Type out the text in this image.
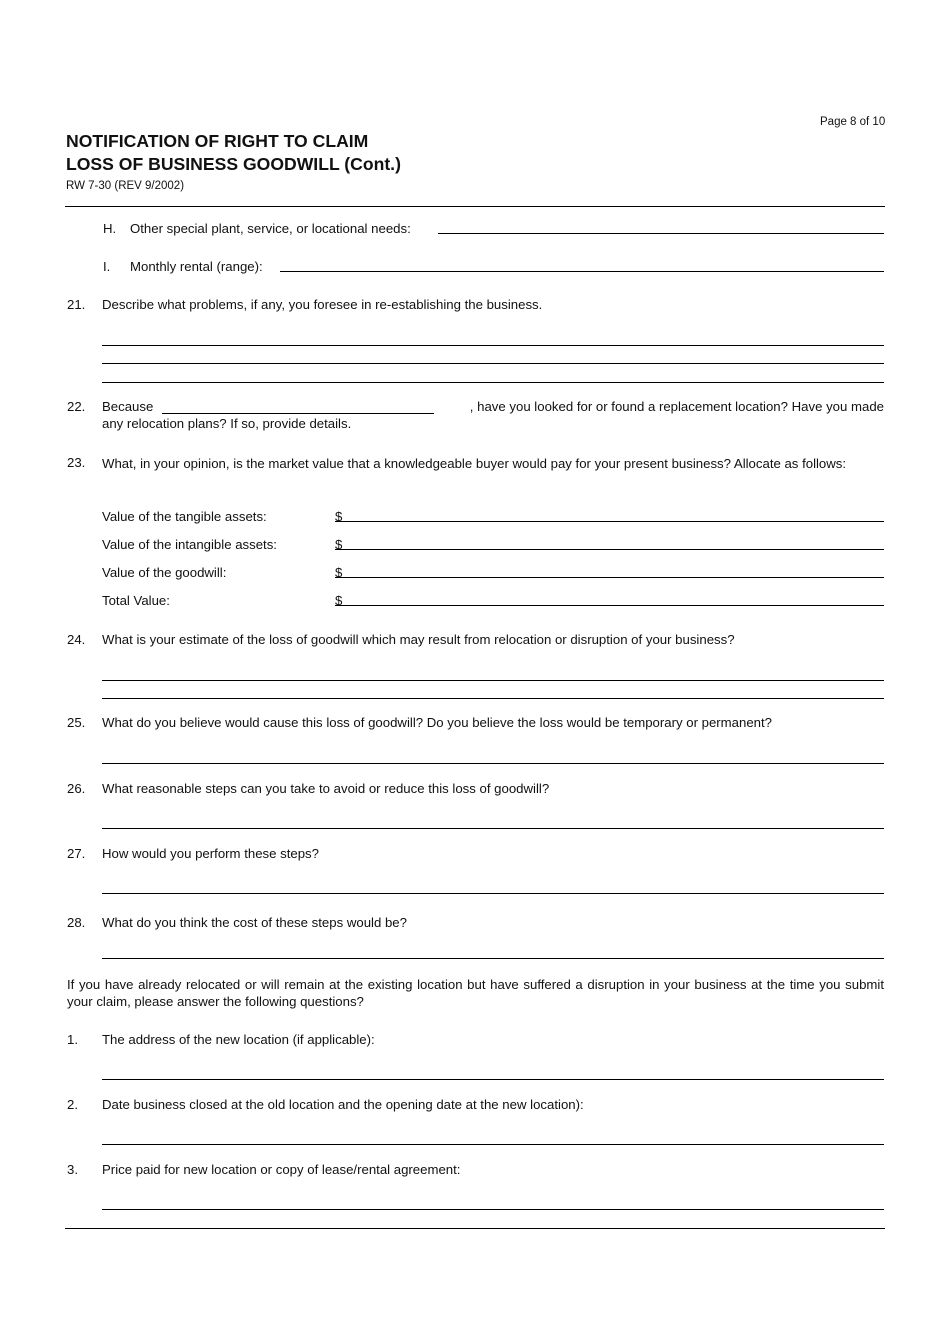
Page 8 of 10
NOTIFICATION OF RIGHT TO CLAIM
LOSS OF BUSINESS GOODWILL (Cont.)
RW 7-30 (REV 9/2002)
H. Other special plant, service, or locational needs:
I. Monthly rental (range):
21. Describe what problems, if any, you foresee in re-establishing the business.
22. Because	, have you looked for or found a replacement location? Have you made
any relocation plans? If so, provide details.
23. What, in your opinion, is the market value that a knowledgeable buyer would pay for your present business? Allocate as follows:
Value of the tangible assets:	$
Value of the intangible assets:	$
Value of the goodwill:	$
Total Value:	$
24. What is your estimate of the loss of goodwill which may result from relocation or disruption of your business?
25. What do you believe would cause this loss of goodwill? Do you believe the loss would be temporary or permanent?
26. What reasonable steps can you take to avoid or reduce this loss of goodwill?
27. How would you perform these steps?
28. What do you think the cost of these steps would be?
If you have already relocated or will remain at the existing location but have suffered a disruption in your business at the time you submit your claim, please answer the following questions?
1. The address of the new location (if applicable):
2. Date business closed at the old location and the opening date at the new location):
3. Price paid for new location or copy of lease/rental agreement:
